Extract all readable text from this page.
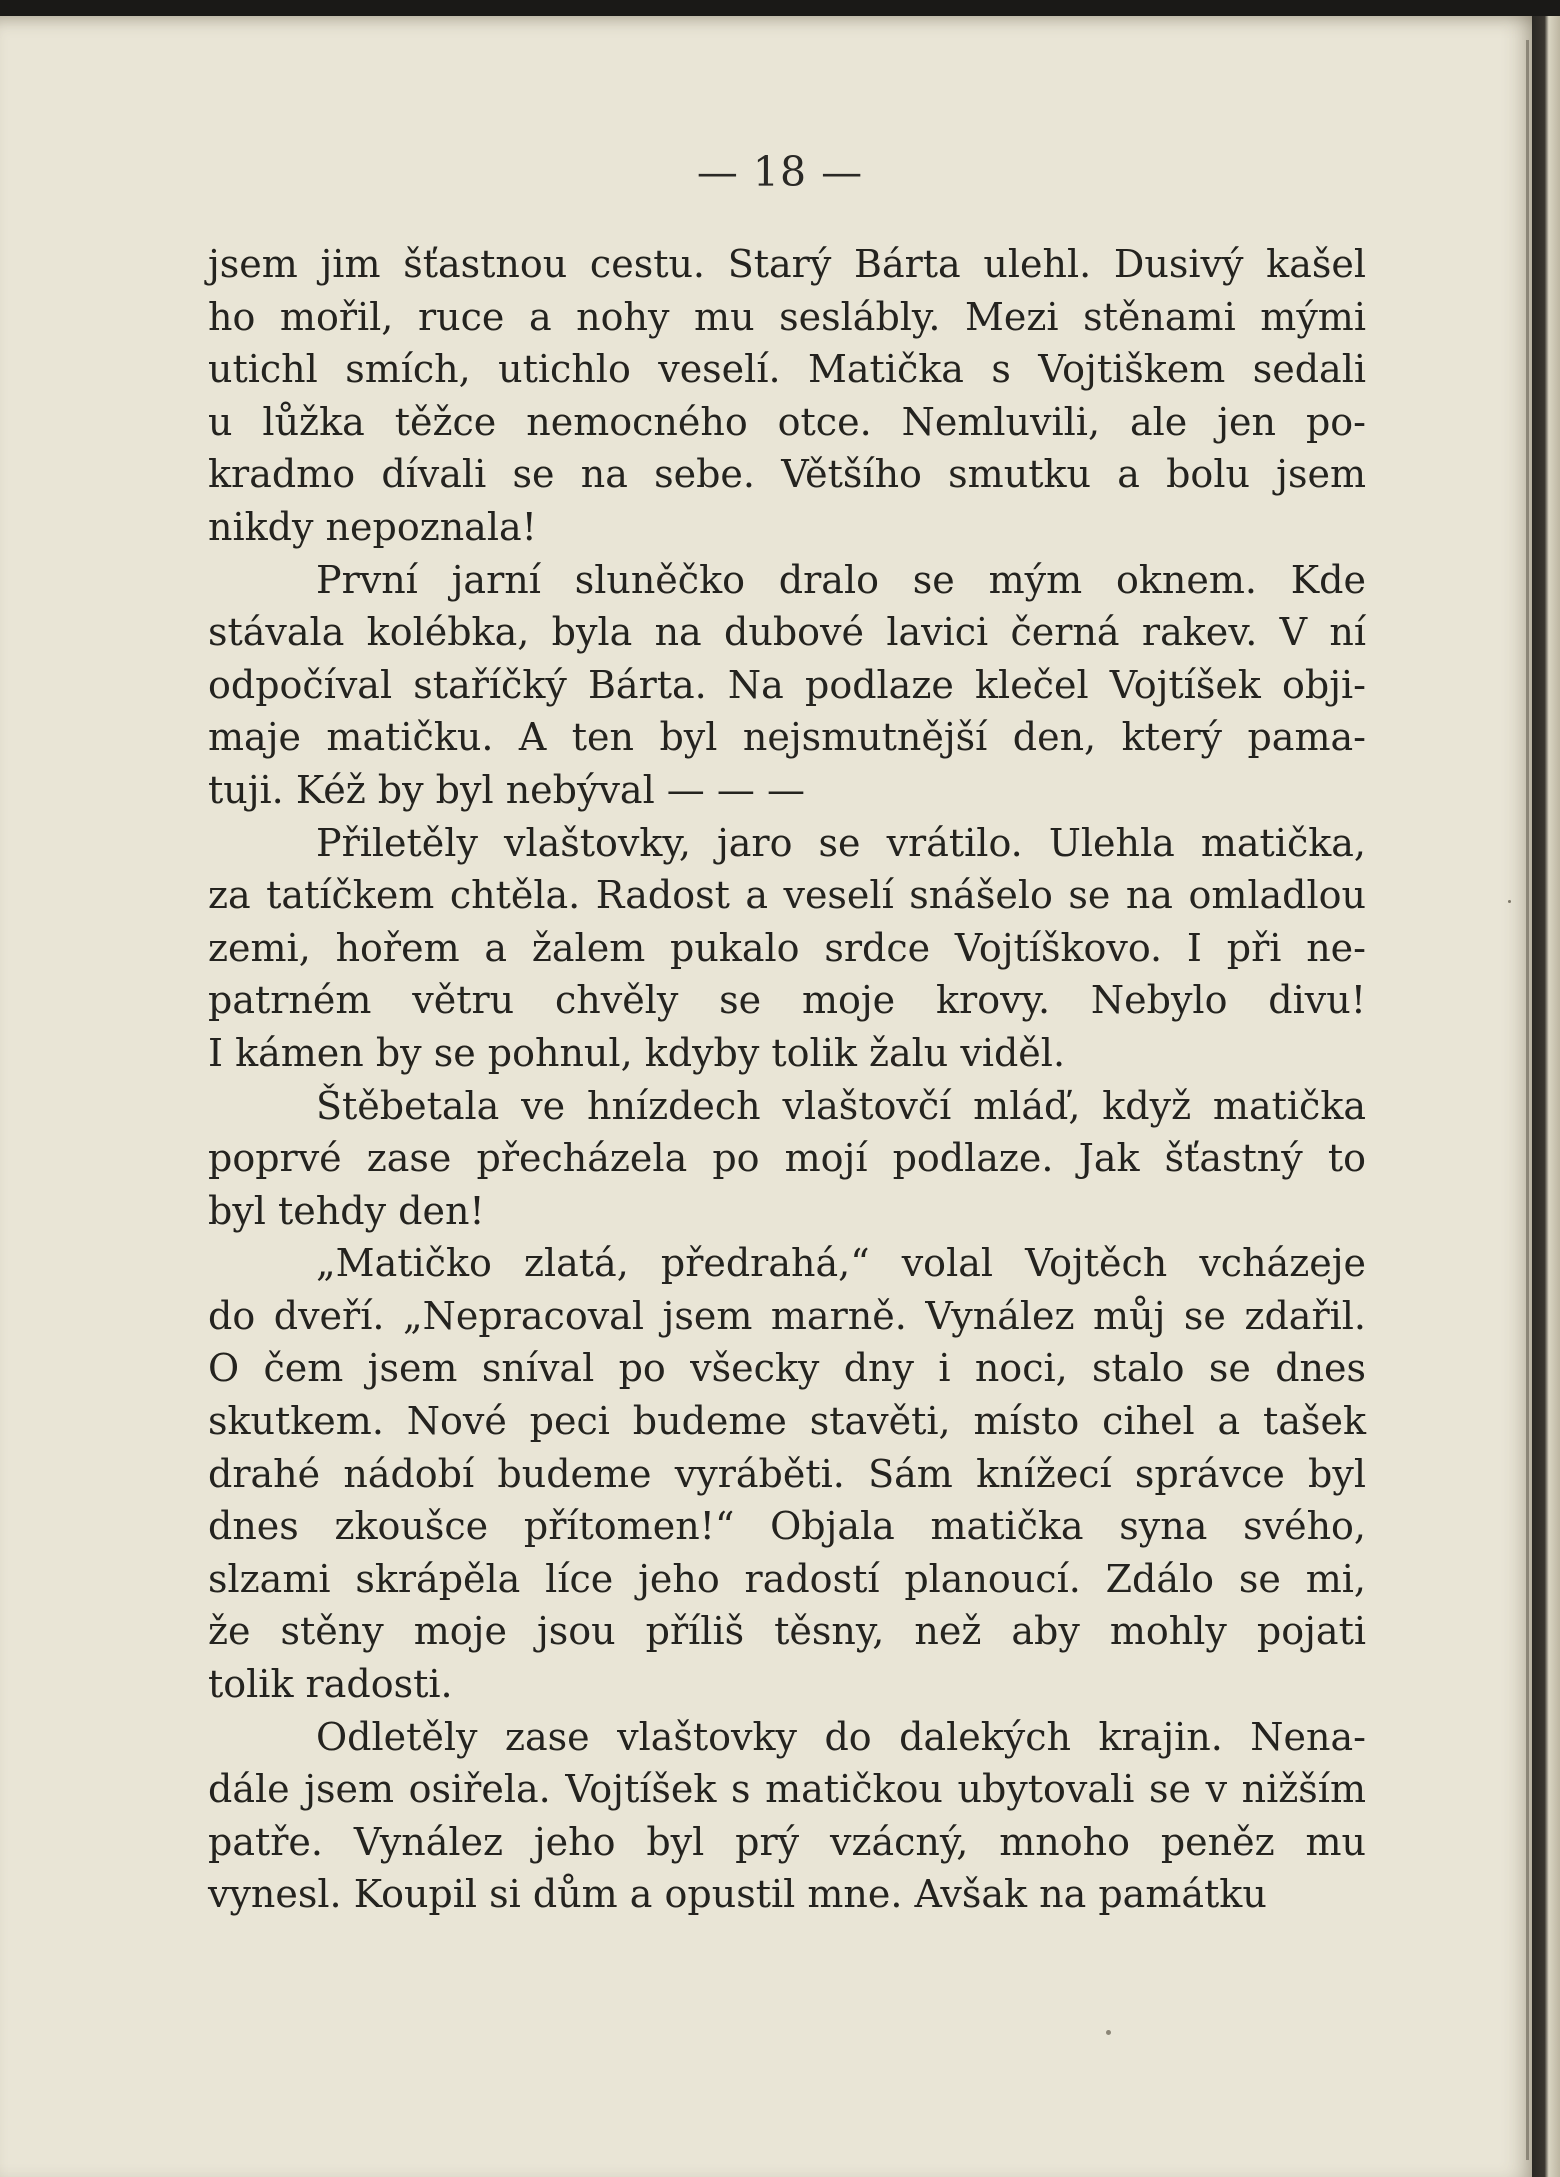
— 18 —
jsem jim šťastnou cestu. Starý Bárta ulehl. Dusivý kašel
ho mořil, ruce a nohy mu seslábly. Mezi stěnami mými
utichl smích, utichlo veselí. Matička s Vojtiškem sedali
u lůžka těžce nemocného otce. Nemluvili, ale jen po-
kradmo dívali se na sebe. Většího smutku a bolu jsem
nikdy nepoznala!
První jarní sluněčko dralo se mým oknem. Kde
stávala kolébka, byla na dubové lavici černá rakev. V ní
odpočíval staříčký Bárta. Na podlaze klečel Vojtíšek obji-
maje matičku. A ten byl nejsmutnější den, který pama-
tuji. Kéž by byl nebýval — — —
Přiletěly vlaštovky, jaro se vrátilo. Ulehla matička,
za tatíčkem chtěla. Radost a veselí snášelo se na omladlou
zemi, hořem a žalem pukalo srdce Vojtíškovo. I při ne-
patrném větru chvěly se moje krovy. Nebylo divu!
I kámen by se pohnul, kdyby tolik žalu viděl.
Štěbetala ve hnízdech vlaštovčí mláď, když matička
poprvé zase přecházela po mojí podlaze. Jak šťastný to
byl tehdy den!
„Matičko zlatá, předrahá,“ volal Vojtěch vcházeje
do dveří. „Nepracoval jsem marně. Vynález můj se zdařil.
O čem jsem sníval po všecky dny i noci, stalo se dnes
skutkem. Nové peci budeme stavěti, místo cihel a tašek
drahé nádobí budeme vyráběti. Sám knížecí správce byl
dnes zkoušce přítomen!“ Objala matička syna svého,
slzami skrápěla líce jeho radostí planoucí. Zdálo se mi,
že stěny moje jsou příliš těsny, než aby mohly pojati
tolik radosti.
Odletěly zase vlaštovky do dalekých krajin. Nena-
dále jsem osiřela. Vojtíšek s matičkou ubytovali se v nižším
patře. Vynález jeho byl prý vzácný, mnoho peněz mu
vynesl. Koupil si dům a opustil mne. Avšak na památku
